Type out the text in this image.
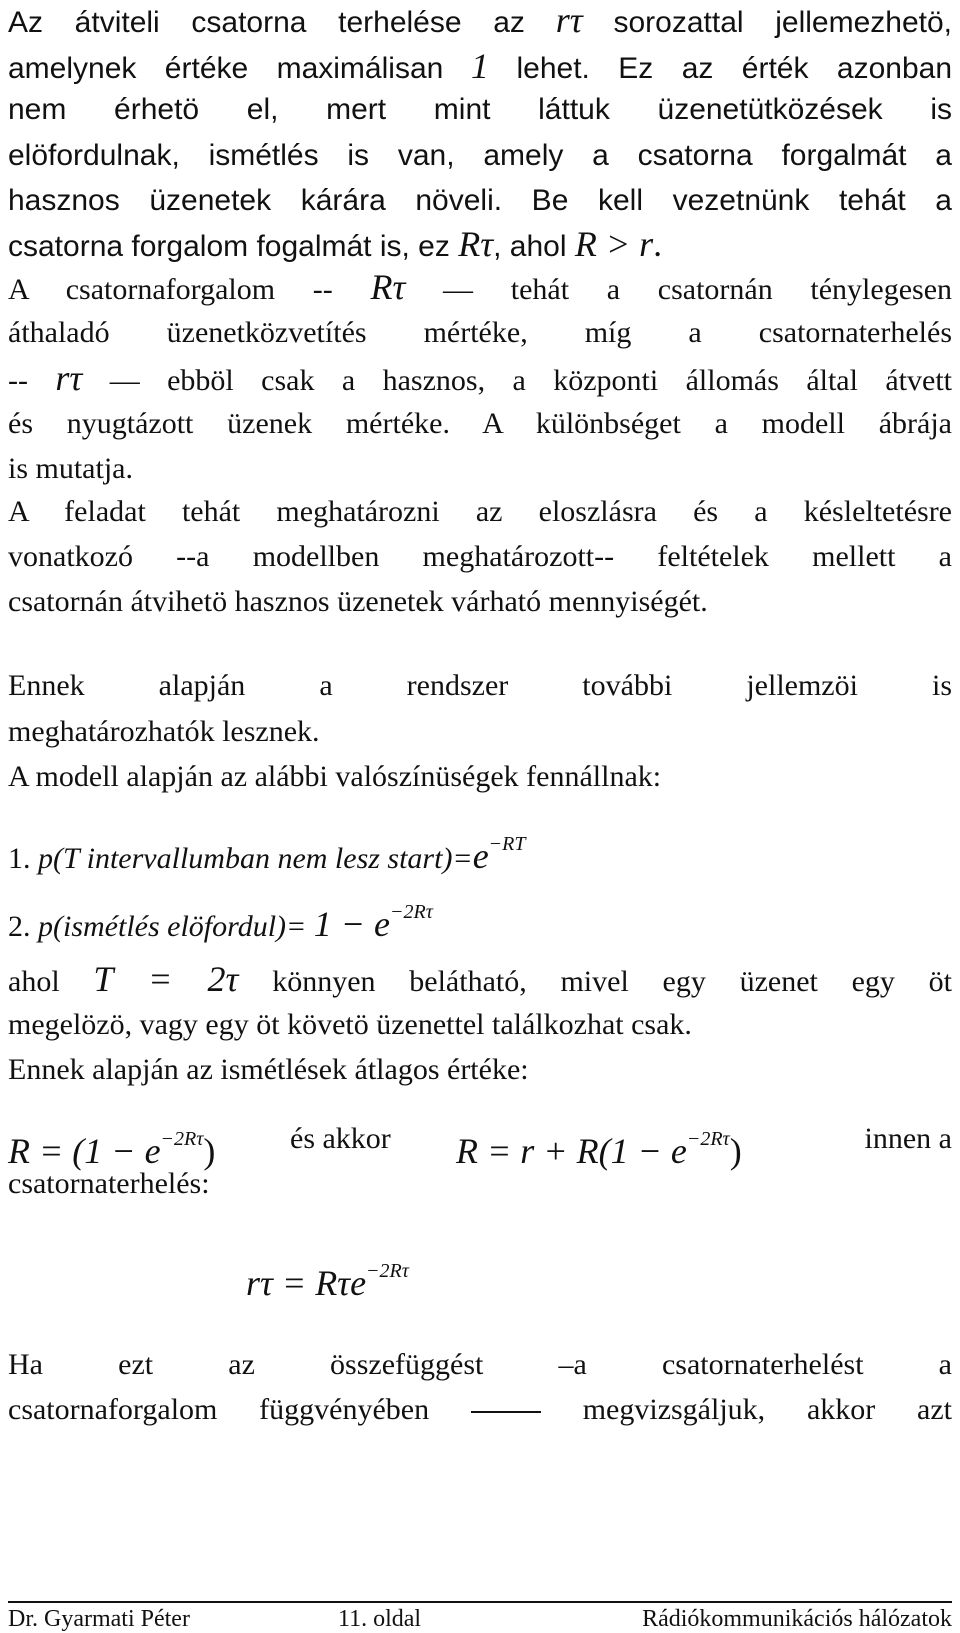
Az átviteli csatorna terhelése az rτ sorozattal jellemezhetö,
amelynek értéke maximálisan 1 lehet. Ez az érték azonban
nem érhetö el, mert mint láttuk üzenetütközések is
elöfordulnak, ismétlés is van, amely a csatorna forgalmát a
hasznos üzenetek kárára növeli. Be kell vezetnünk tehát a
csatorna forgalom fogalmát is, ez Rτ, ahol R > r.
A csatornaforgalom -- Rτ — tehát a csatornán ténylegesen
áthaladó üzenetközvetítés mértéke, míg a csatornaterhelés
-- rτ — ebböl csak a hasznos, a központi állomás által átvett
és nyugtázott üzenek mértéke. A különbséget a modell ábrája
is mutatja.
A feladat tehát meghatározni az eloszlásra és a késleltetésre
vonatkozó --a modellben meghatározott-- feltételek mellett a
csatornán átvihetö hasznos üzenetek várható mennyiségét.
Ennek alapján a rendszer további jellemzöi is
meghatározhatók lesznek.
A modell alapján az alábbi valószínüségek fennállnak:
1. p(T intervallumban nem lesz $start)=e^{-RT}$
2. p(ismétlés elöfordul)= $1 - e^{-2R\tau}$
ahol T = 2τ könnyen belátható, mivel egy üzenet egy öt
megelözö, vagy egy öt követö üzenettel találkozhat csak.
Ennek alapján az ismétlések átlagos értéke:
$R = (1 - e^{-2R\tau})$ és akkor $R = r + R(1 - e^{-2R\tau})$	innen a
csatornaterhelés:
rτ = Rτe$^{-2R\tau}$
Ha ezt az összefüggést	–a csatornaterhelést a
csatornaforgalom függvényében	megvizsgáljuk, akkor azt
Dr. Gyarmati Péter	11. oldal	Rádiókommunikációs hálózatok
